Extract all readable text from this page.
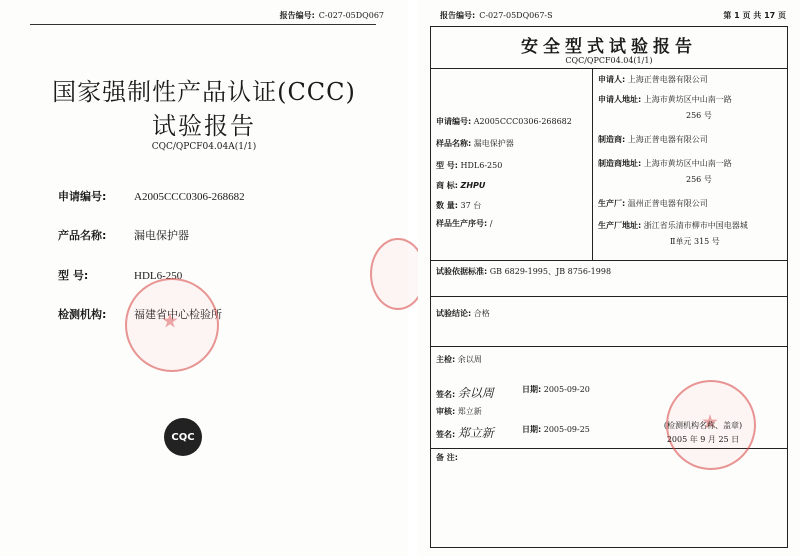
报告编号: C-027-05DQ067
国家强制性产品认证(CCC)
试验报告
CQC/QPCF04.04A(1/1)
申请编号:	A2005CCC0306-268682
产品名称:	漏电保护器
型 号:	HDL6-250
检测机构:	福建省中心检验所
CQC
报告编号: C-027-05DQ067-S	第 1 页 共 17 页
安全型式试验报告
CQC/QPCF04.04(1/1)
申请编号: A2005CCC0306-268682
样品名称: 漏电保护器
型 号: HDL6-250
商 标: ZHPU
数 量: 37 台
样品生产序号: /
申请人: 上海正普电器有限公司
申请人地址: 上海市黄坊区中山南一路
256 号
制造商: 上海正普电器有限公司
制造商地址: 上海市黄坊区中山南一路
256 号
生产厂: 温州正普电器有限公司
生产厂地址: 浙江省乐清市柳市中国电器城
Ⅱ单元 315 号
试验依据标准: GB 6829-1995、JB 8756-1998
试验结论: 合格
主检: 余以周
签名: 余以周	日期: 2005-09-20
审核: 郑立新
签名: 郑立新	日期: 2005-09-25	(检测机构名称、盖章)
2005 年 9 月 25 日
备 注:
